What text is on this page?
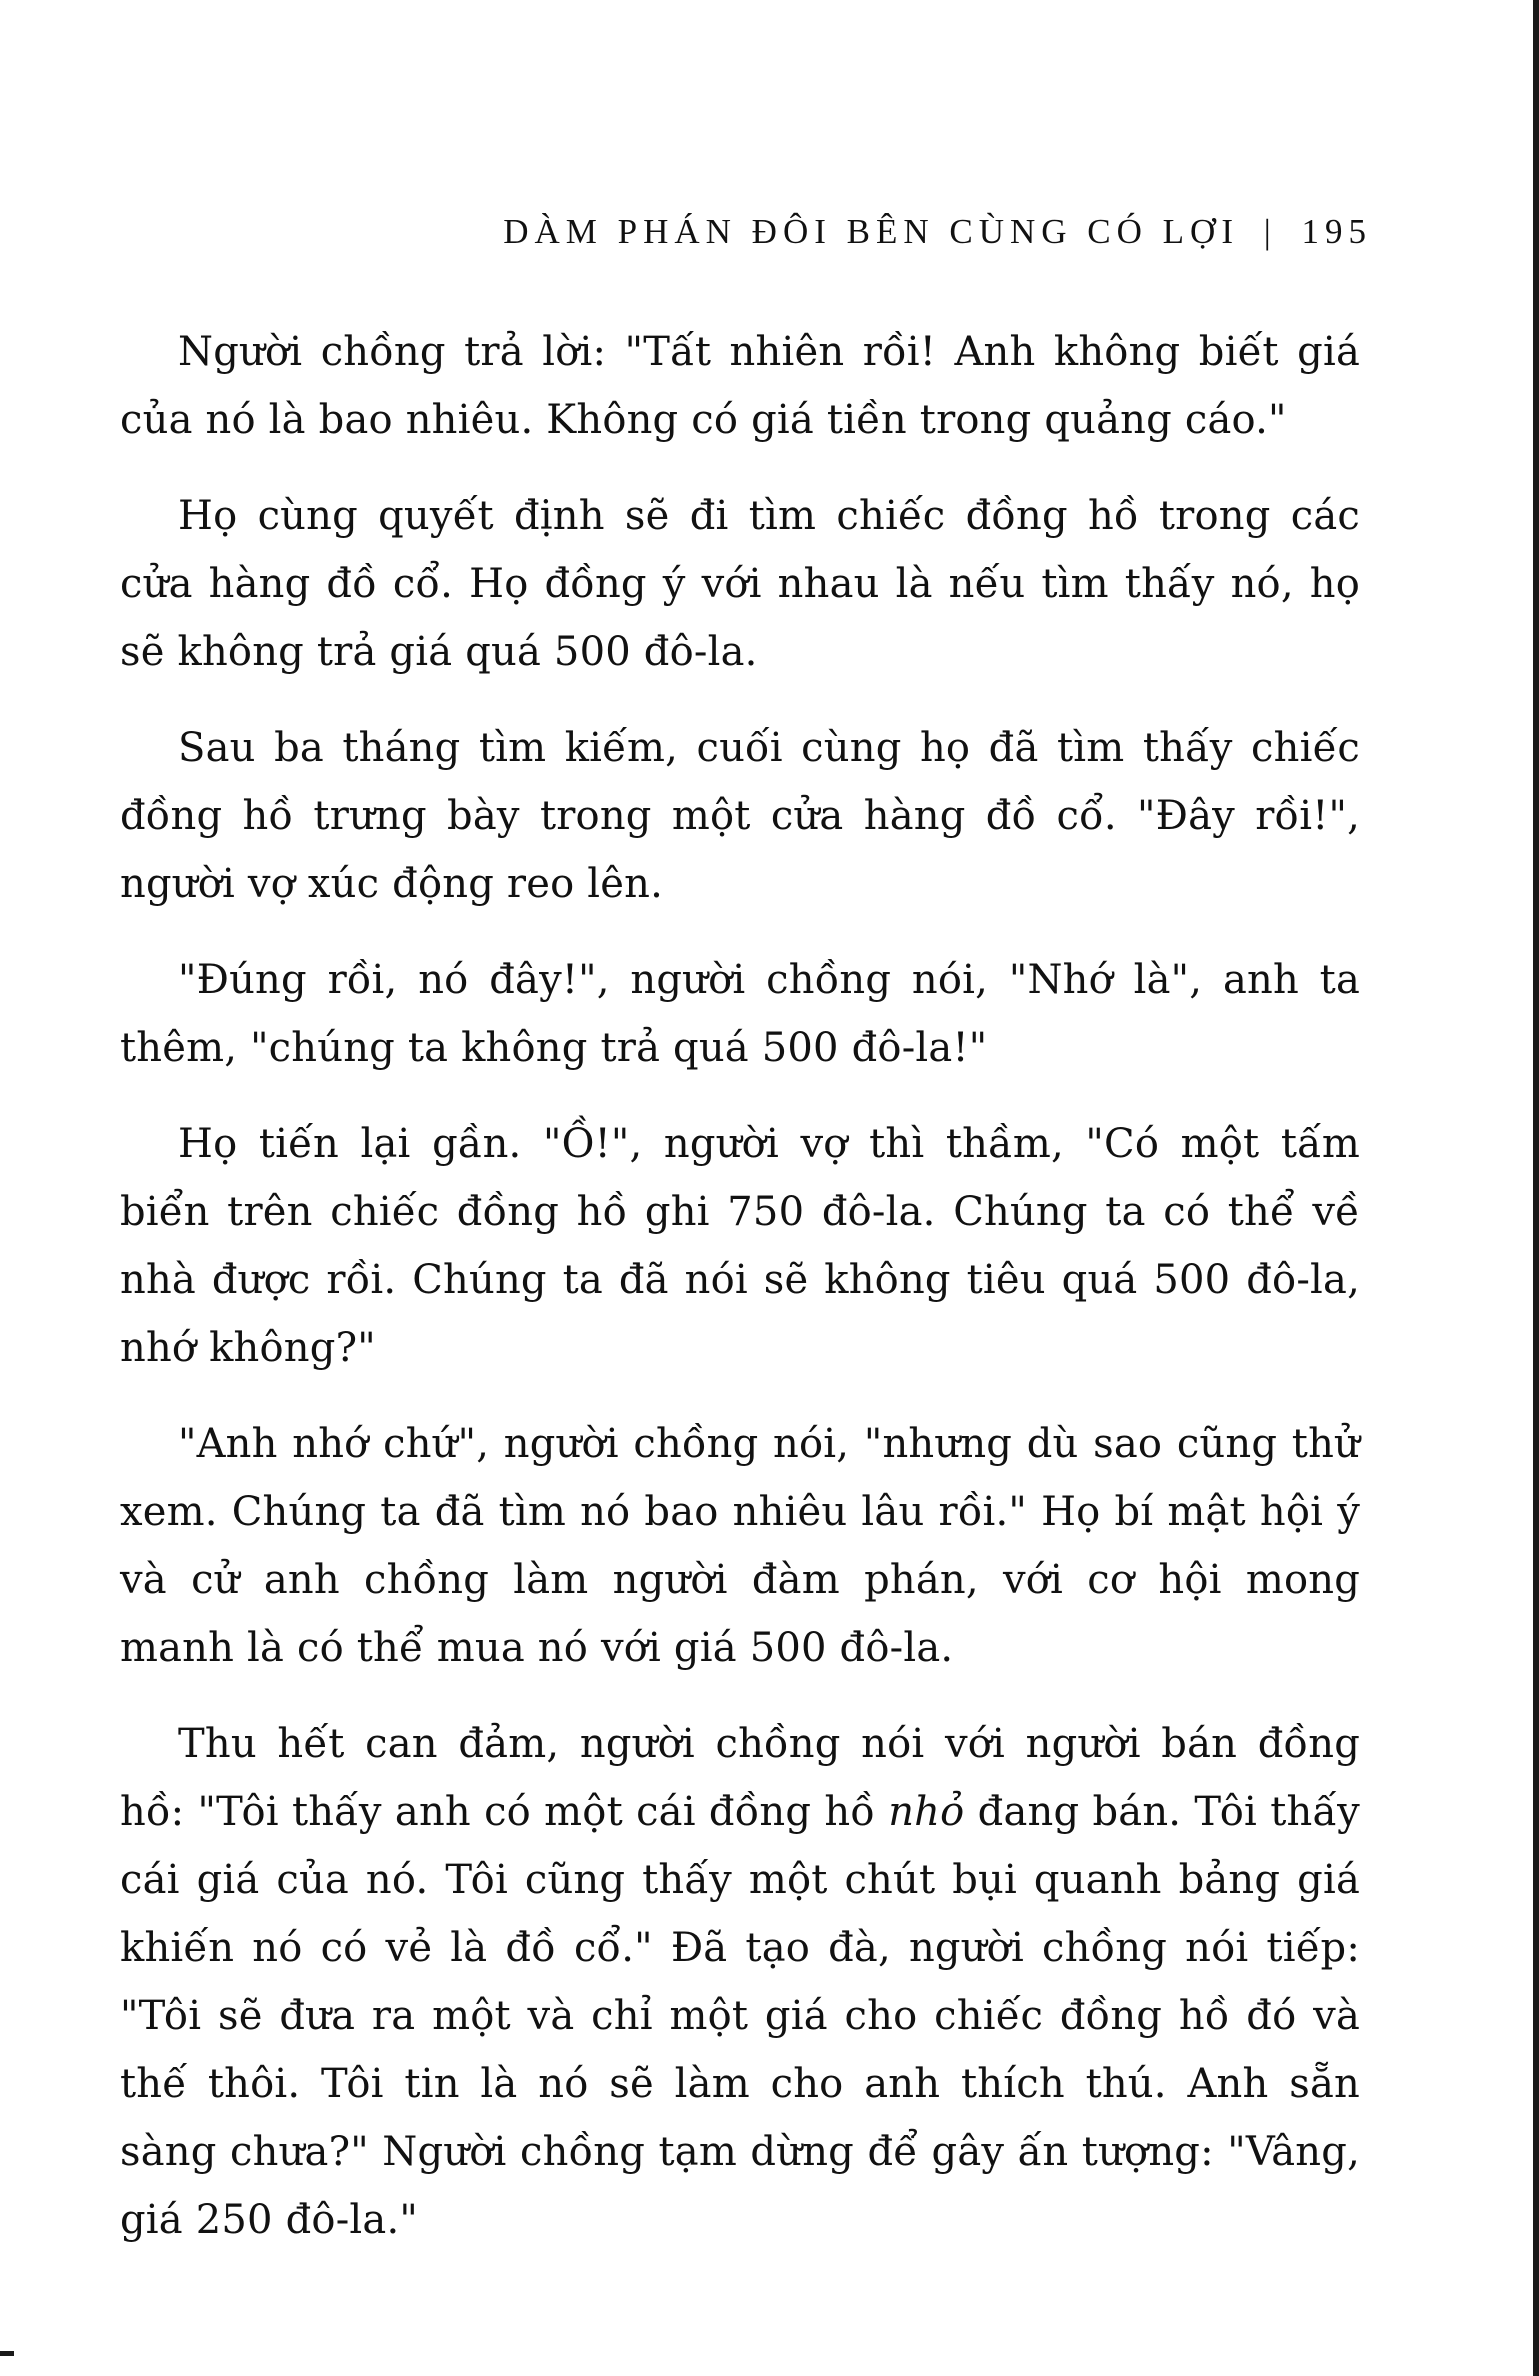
DÀM PHÁN ĐÔI BÊN CÙNG CÓ LỢI | 195

Người chồng trả lời: "Tất nhiên rồi! Anh không biết giá của nó là bao nhiêu. Không có giá tiền trong quảng cáo."

Họ cùng quyết định sẽ đi tìm chiếc đồng hồ trong các cửa hàng đồ cổ. Họ đồng ý với nhau là nếu tìm thấy nó, họ sẽ không trả giá quá 500 đô-la.

Sau ba tháng tìm kiếm, cuối cùng họ đã tìm thấy chiếc đồng hồ trưng bày trong một cửa hàng đồ cổ. "Đây rồi!", người vợ xúc động reo lên.

"Đúng rồi, nó đây!", người chồng nói, "Nhớ là", anh ta thêm, "chúng ta không trả quá 500 đô-la!"

Họ tiến lại gần. "Ồ!", người vợ thì thầm, "Có một tấm biển trên chiếc đồng hồ ghi 750 đô-la. Chúng ta có thể về nhà được rồi. Chúng ta đã nói sẽ không tiêu quá 500 đô-la, nhớ không?"

"Anh nhớ chứ", người chồng nói, "nhưng dù sao cũng thử xem. Chúng ta đã tìm nó bao nhiêu lâu rồi." Họ bí mật hội ý và cử anh chồng làm người đàm phán, với cơ hội mong manh là có thể mua nó với giá 500 đô-la.

Thu hết can đảm, người chồng nói với người bán đồng hồ: "Tôi thấy anh có một cái đồng hồ nhỏ đang bán. Tôi thấy cái giá của nó. Tôi cũng thấy một chút bụi quanh bảng giá khiến nó có vẻ là đồ cổ." Đã tạo đà, người chồng nói tiếp: "Tôi sẽ đưa ra một và chỉ một giá cho chiếc đồng hồ đó và thế thôi. Tôi tin là nó sẽ làm cho anh thích thú. Anh sẵn sàng chưa?" Người chồng tạm dừng để gây ấn tượng: "Vâng, giá 250 đô-la."
